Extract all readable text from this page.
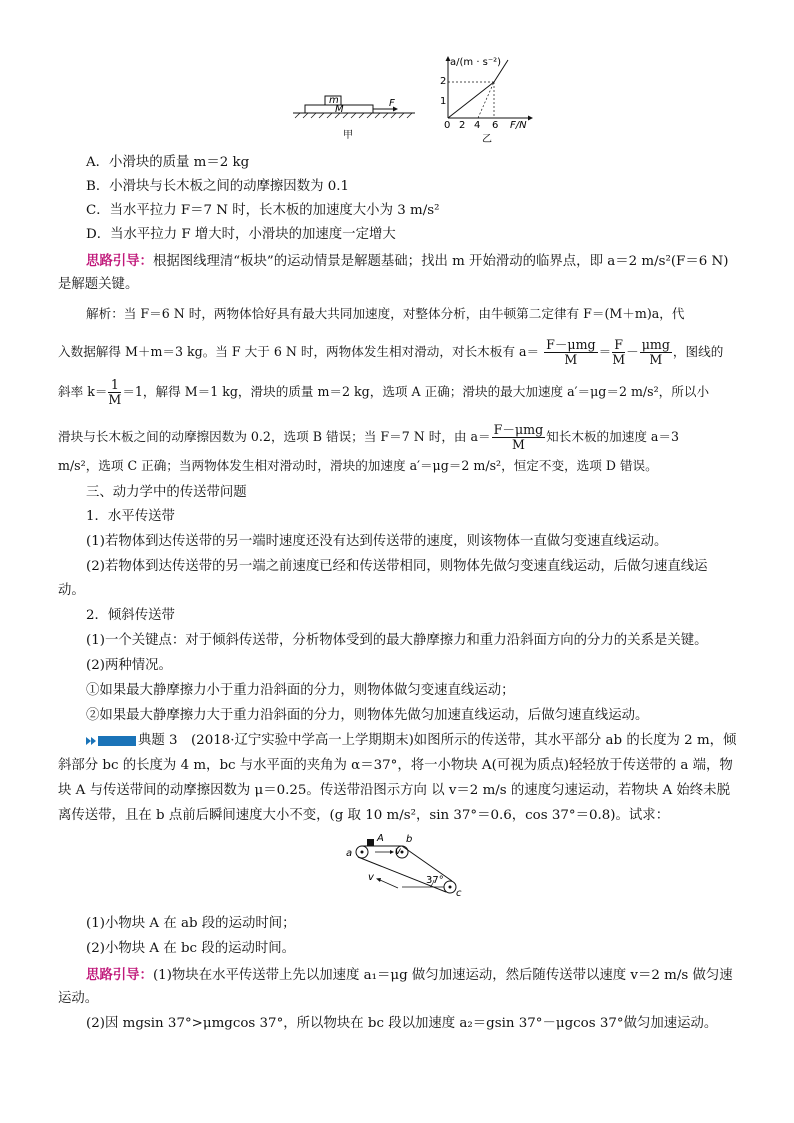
m
M
F
甲
a/(m · s⁻²)
F/N
1
2
0 2 4 6
乙
A．小滑块的质量 m＝2 kg
B．小滑块与长木板之间的动摩擦因数为 0.1
C．当水平拉力 F＝7 N 时，长木板的加速度大小为 3 m/s²
D．当水平拉力 F 增大时，小滑块的加速度一定增大
思路引导：根据图线理清“板块”的运动情景是解题基础；找出 m 开始滑动的临界点，即 a＝2 m/s²(F＝6 N)
是解题关键。
解析：当 F＝6 N 时，两物体恰好具有最大共同加速度，对整体分析，由牛顿第二定律有 F＝(M＋m)a，代
入数据解得 M＋m＝3 kg。当 F 大于 6 N 时，两物体发生相对滑动，对长木板有 a＝ F－μmg
M
＝ $\frac{F}{M} - \mu mg$
M
，图线的
斜率 $k= \frac{1}{M} =1$，解得 M＝1 kg，滑块的质量 m＝2 kg，选项 A 正确；滑块的最大加速度 a′＝μg＝2 m/s²，所以小
滑块与长木板之间的动摩擦因数为 0.2，选项 B 错误；当 F＝7 N 时，由 a＝ F－μmg
M
知长木板的加速度 a＝3
m/s²，选项 C 正确；当两物体发生相对滑动时，滑块的加速度 a′＝μg＝2 m/s²，恒定不变，选项 D 错误。
三、动力学中的传送带问题
1．水平传送带
(1)若物体到达传送带的另一端时速度还没有达到传送带的速度，则该物体一直做匀变速直线运动。
(2)若物体到达传送带的另一端之前速度已经和传送带相同，则物体先做匀变速直线运动，后做匀速直线运
动。
2．倾斜传送带
(1)一个关键点：对于倾斜传送带，分析物体受到的最大静摩擦力和重力沿斜面方向的分力的关系是关键。
(2)两种情况。
①如果最大静摩擦力小于重力沿斜面的分力，则物体做匀变速直线运动；
②如果最大静摩擦力大于重力沿斜面的分力，则物体先做匀加速直线运动，后做匀速直线运动。
典题 3　(2018·辽宁实验中学高一上学期期末)如图所示的传送带，其水平部分 ab 的长度为 2 m，倾
斜部分 bc 的长度为 4 m，bc 与水平面的夹角为 α＝37°，将一小物块 A(可视为质点)轻轻放于传送带的 a 端，物
块 A 与传送带间的动摩擦因数为 μ＝0.25。传送带沿图示方向 以 v＝2 m/s 的速度匀速运动，若物块 A 始终未脱
离传送带，且在 b 点前后瞬间速度大小不变，(g 取 10 m/s²，sin 37°＝0.6，cos 37°＝0.8)。试求：
A
v
v
a
b
c
37°
(1)小物块 A 在 ab 段的运动时间；
(2)小物块 A 在 bc 段的运动时间。
思路引导：(1)物块在水平传送带上先以加速度 a₁＝μg 做匀加速运动，然后随传送带以速度 v＝2 m/s 做匀速
运动。
(2)因 mgsin 37°>μmgcos 37°，所以物块在 bc 段以加速度 a₂＝gsin 37°－μgcos 37°做匀加速运动。
